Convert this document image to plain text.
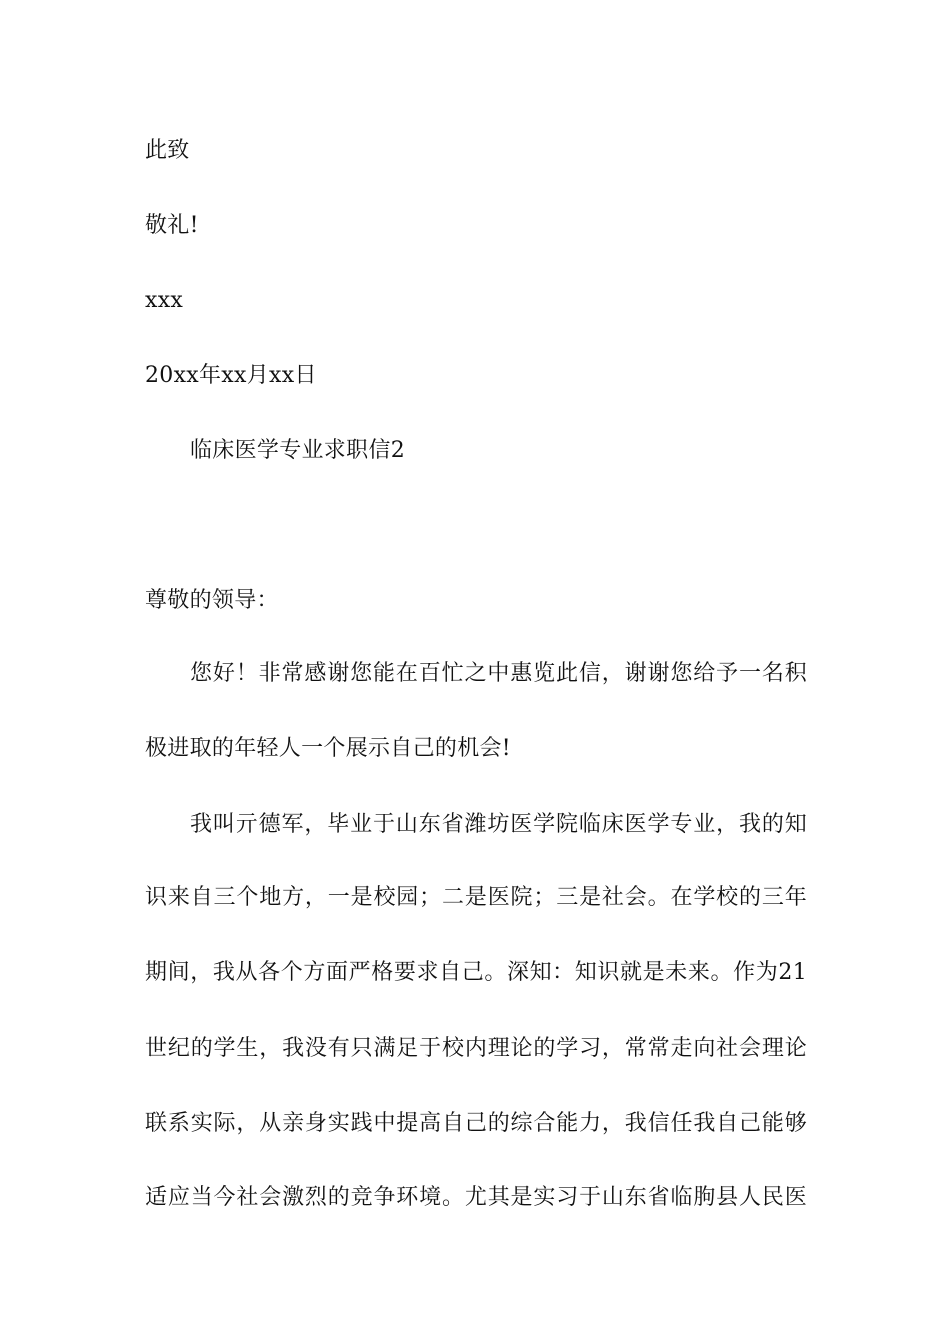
此致
敬礼!
xxx
20xx年xx月xx日
临床医学专业求职信2
尊敬的领导：
您好！非常感谢您能在百忙之中惠览此信，谢谢您给予一名积
极进取的年轻人一个展示自己的机会!
我叫亓德军，毕业于山东省潍坊医学院临床医学专业，我的知
识来自三个地方，一是校园；二是医院；三是社会。在学校的三年
期间，我从各个方面严格要求自己。深知：知识就是未来。作为21
世纪的学生，我没有只满足于校内理论的学习，常常走向社会理论
联系实际，从亲身实践中提高自己的综合能力，我信任我自己能够
适应当今社会激烈的竞争环境。尤其是实习于山东省临朐县人民医
